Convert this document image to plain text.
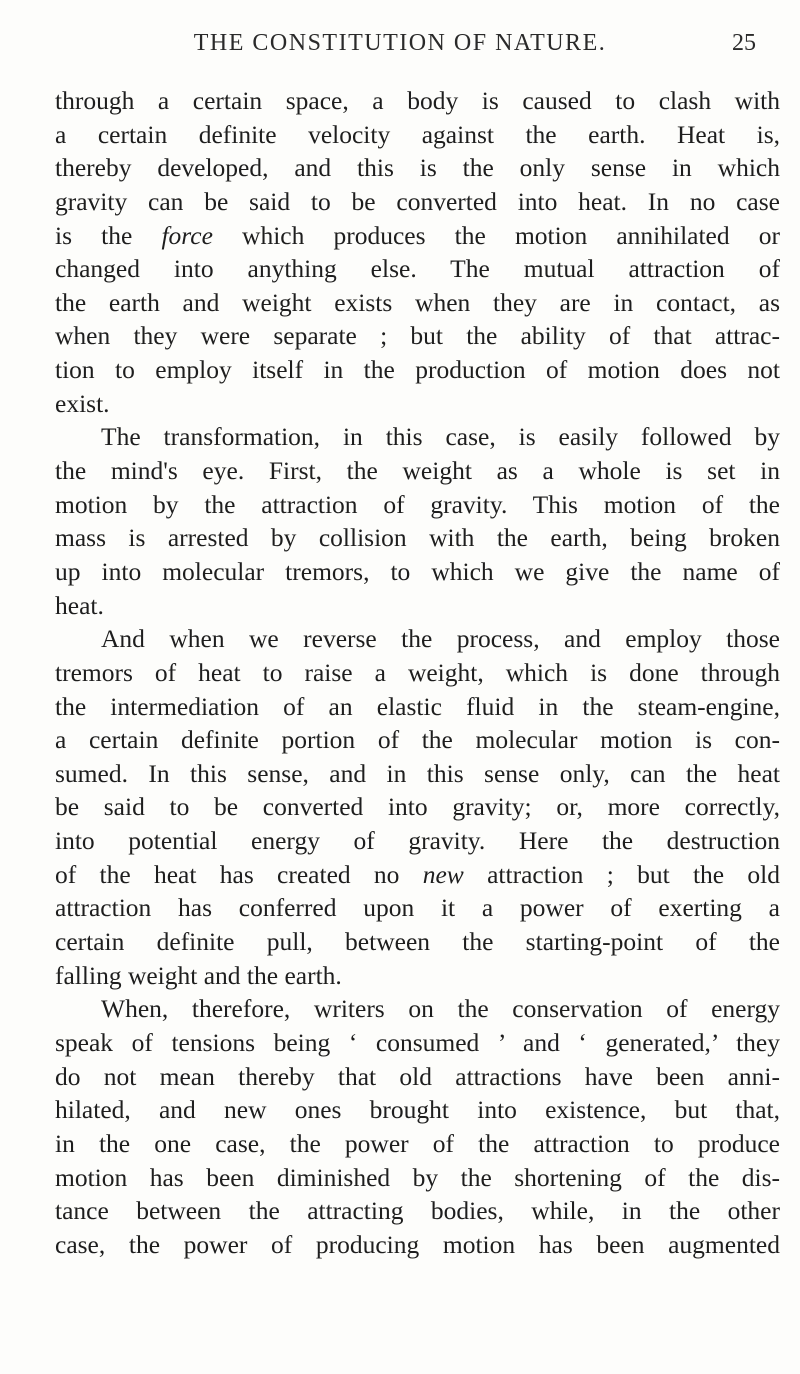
THE CONSTITUTION OF NATURE.	25
through a certain space, a body is caused to clash with
a certain definite velocity against the earth. Heat is,
thereby developed, and this is the only sense in which
gravity can be said to be converted into heat. In no case
is the force which produces the motion annihilated or
changed into anything else. The mutual attraction of
the earth and weight exists when they are in contact, as
when they were separate ; but the ability of that attrac-
tion to employ itself in the production of motion does not
exist.
The transformation, in this case, is easily followed by
the mind's eye. First, the weight as a whole is set in
motion by the attraction of gravity. This motion of the
mass is arrested by collision with the earth, being broken
up into molecular tremors, to which we give the name of
heat.
And when we reverse the process, and employ those
tremors of heat to raise a weight, which is done through
the intermediation of an elastic fluid in the steam-engine,
a certain definite portion of the molecular motion is con-
sumed. In this sense, and in this sense only, can the heat
be said to be converted into gravity; or, more correctly,
into potential energy of gravity. Here the destruction
of the heat has created no new attraction ; but the old
attraction has conferred upon it a power of exerting a
certain definite pull, between the starting-point of the
falling weight and the earth.
When, therefore, writers on the conservation of energy
speak of tensions being ‘ consumed ’ and ‘ generated,’ they
do not mean thereby that old attractions have been anni-
hilated, and new ones brought into existence, but that,
in the one case, the power of the attraction to produce
motion has been diminished by the shortening of the dis-
tance between the attracting bodies, while, in the other
case, the power of producing motion has been augmented
